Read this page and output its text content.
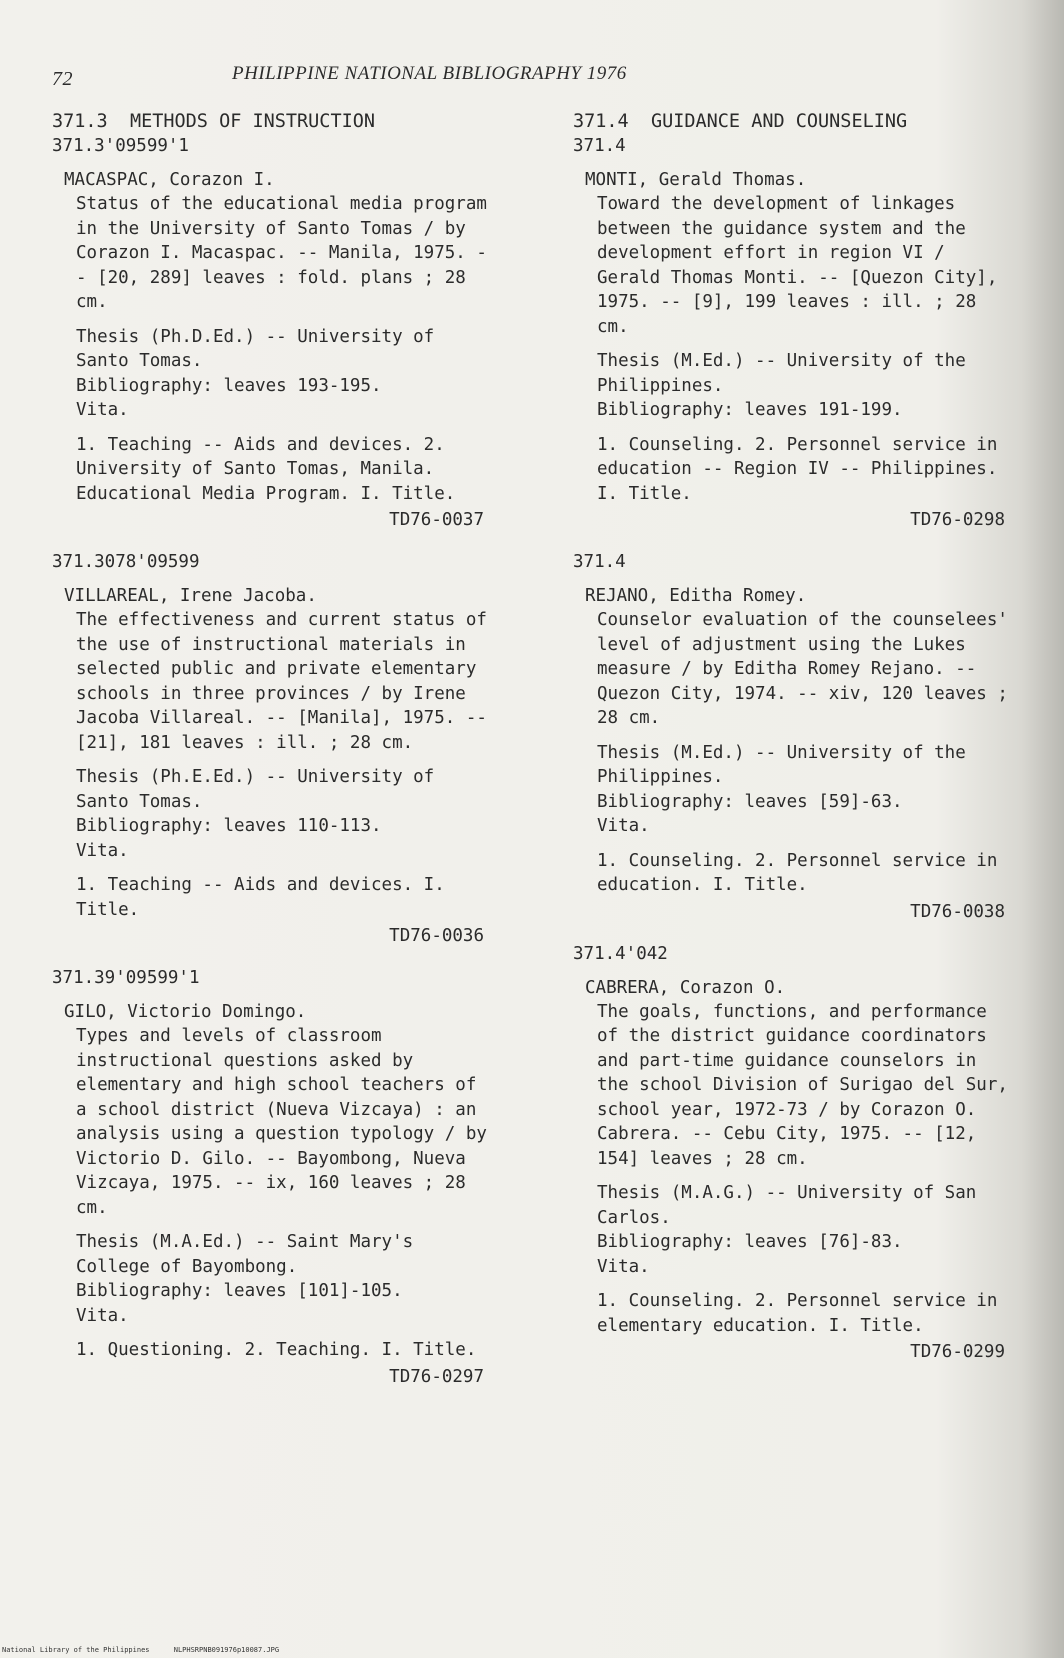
72	PHILIPPINE NATIONAL BIBLIOGRAPHY 1976
371.3  METHODS OF INSTRUCTION
371.3'09599'1
MACASPAC, Corazon I.
Status of the educational media program in the University of Santo Tomas / by Corazon I. Macaspac. -- Manila, 1975. -- [20, 289] leaves : fold. plans ; 28 cm.
Thesis (Ph.D.Ed.) -- University of Santo Tomas.
Bibliography: leaves 193-195.
Vita.
1. Teaching -- Aids and devices. 2. University of Santo Tomas, Manila. Educational Media Program. I. Title.
TD76-0037
371.3078'09599
VILLAREAL, Irene Jacoba.
The effectiveness and current status of the use of instructional materials in selected public and private elementary schools in three provinces / by Irene Jacoba Villareal. -- [Manila], 1975. -- [21], 181 leaves : ill. ; 28 cm.
Thesis (Ph.E.Ed.) -- University of Santo Tomas.
Bibliography: leaves 110-113.
Vita.
1. Teaching -- Aids and devices. I. Title.
TD76-0036
371.39'09599'1
GILO, Victorio Domingo.
Types and levels of classroom instructional questions asked by elementary and high school teachers of a school district (Nueva Vizcaya) : an analysis using a question typology / by Victorio D. Gilo. -- Bayombong, Nueva Vizcaya, 1975. -- ix, 160 leaves ; 28 cm.
Thesis (M.A.Ed.) -- Saint Mary's College of Bayombong.
Bibliography: leaves [101]-105.
Vita.
1. Questioning. 2. Teaching. I. Title.
TD76-0297
371.4  GUIDANCE AND COUNSELING
371.4
MONTI, Gerald Thomas.
Toward the development of linkages between the guidance system and the development effort in region VI / Gerald Thomas Monti. -- [Quezon City], 1975. -- [9], 199 leaves : ill. ; 28 cm.
Thesis (M.Ed.) -- University of the Philippines.
Bibliography: leaves 191-199.
1. Counseling. 2. Personnel service in education -- Region IV -- Philippines. I. Title.
TD76-0298
371.4
REJANO, Editha Romey.
Counselor evaluation of the counselees' level of adjustment using the Lukes measure / by Editha Romey Rejano. -- Quezon City, 1974. -- xiv, 120 leaves ; 28 cm.
Thesis (M.Ed.) -- University of the Philippines.
Bibliography: leaves [59]-63.
Vita.
1. Counseling. 2. Personnel service in education. I. Title.
TD76-0038
371.4'042
CABRERA, Corazon O.
The goals, functions, and performance of the district guidance coordinators and part-time guidance counselors in the school Division of Surigao del Sur, school year, 1972-73 / by Corazon O. Cabrera. -- Cebu City, 1975. -- [12, 154] leaves ; 28 cm.
Thesis (M.A.G.) -- University of San Carlos.
Bibliography: leaves [76]-83.
Vita.
1. Counseling. 2. Personnel service in elementary education. I. Title.
TD76-0299
National Library of the Philippines	NLPHSRPNB091976p10087.JPG
